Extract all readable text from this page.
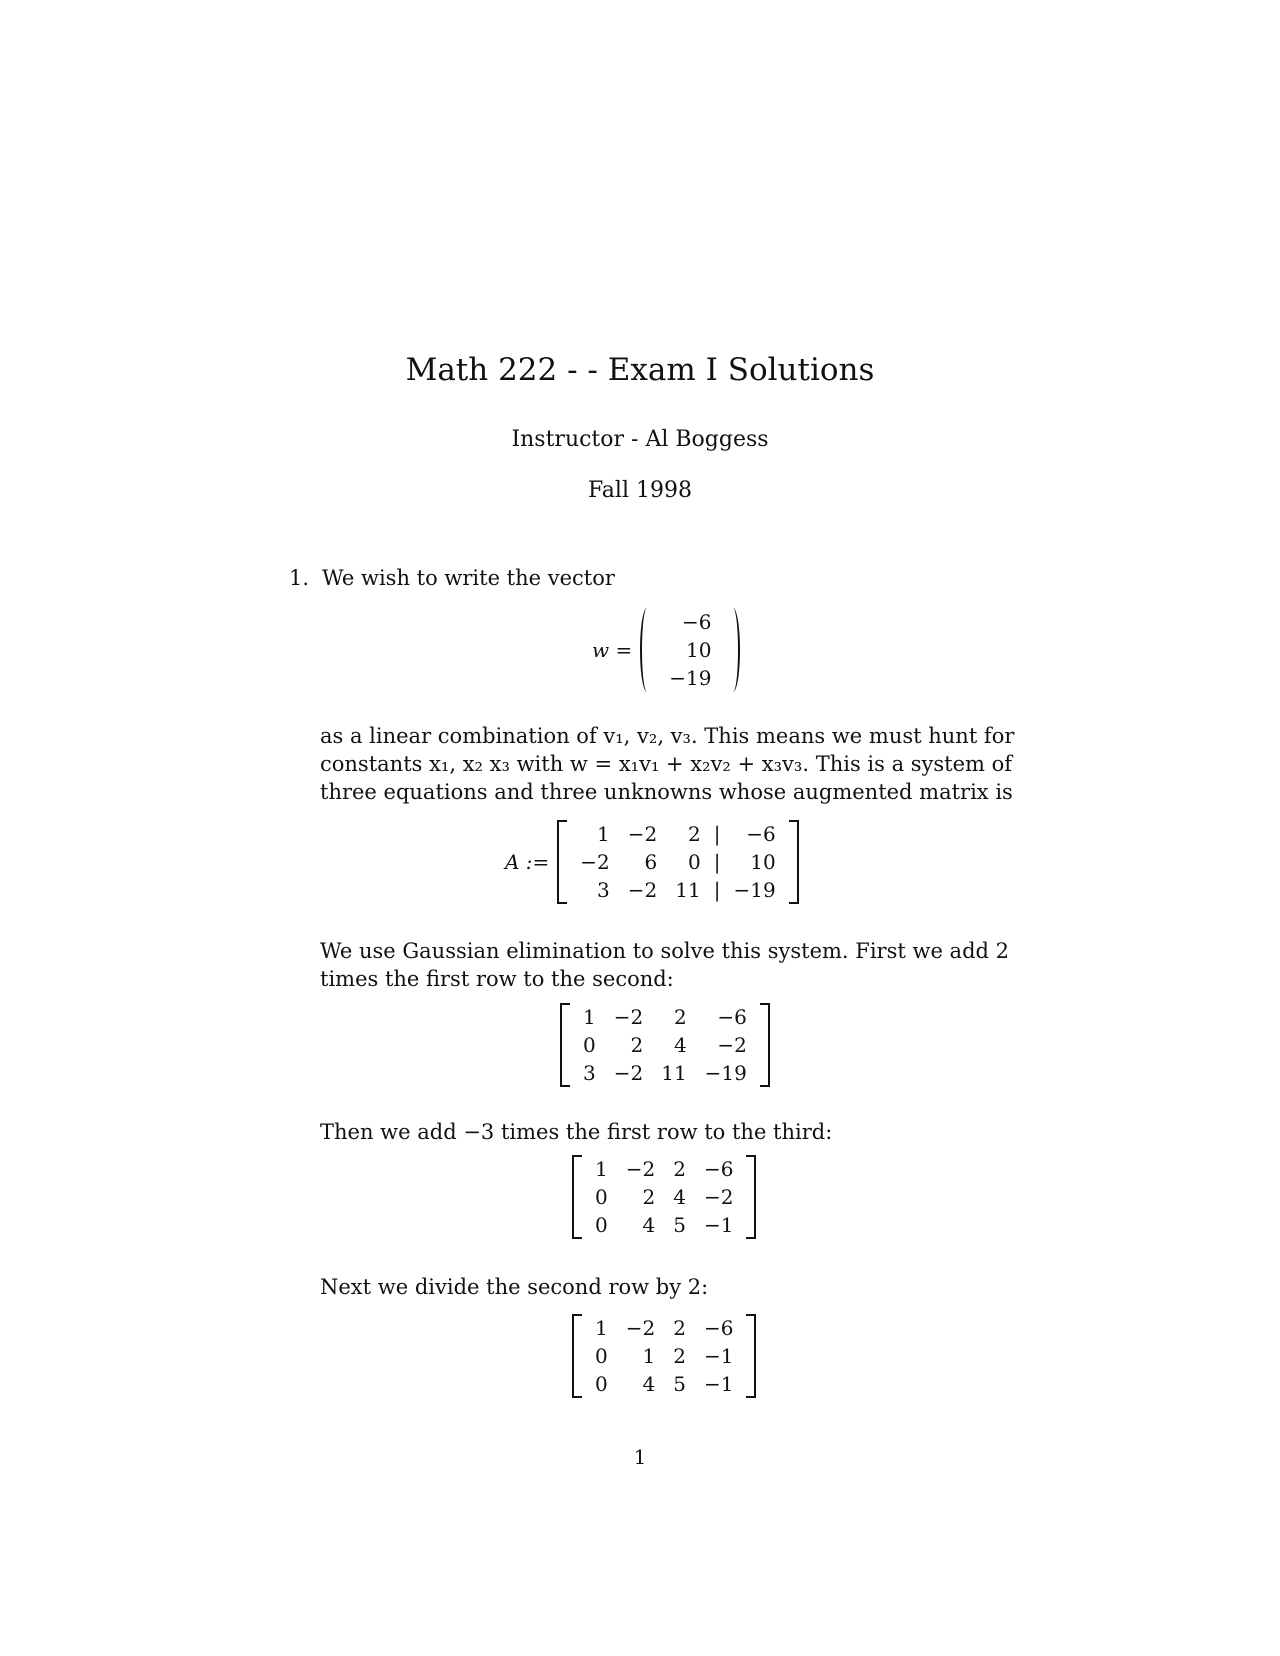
Math 222 - - Exam I Solutions
Instructor - Al Boggess
Fall 1998
1. We wish to write the vector
w =
−6
10
−19
as a linear combination of v₁, v₂, v₃. This means we must hunt for constants x₁, x₂ x₃ with w = x₁v₁ + x₂v₂ + x₃v₃. This is a system of three equations and three unknowns whose augmented matrix is
A :=
1	−2	2	|	−6
−2	6	0	|	10
3	−2	11	|	−19
We use Gaussian elimination to solve this system. First we add 2 times the first row to the second:
1	−2	2	−6
0	2	4	−2
3	−2	11	−19
Then we add −3 times the first row to the third:
1	−2	2	−6
0	2	4	−2
0	4	5	−1
Next we divide the second row by 2:
1	−2	2	−6
0	1	2	−1
0	4	5	−1
1
